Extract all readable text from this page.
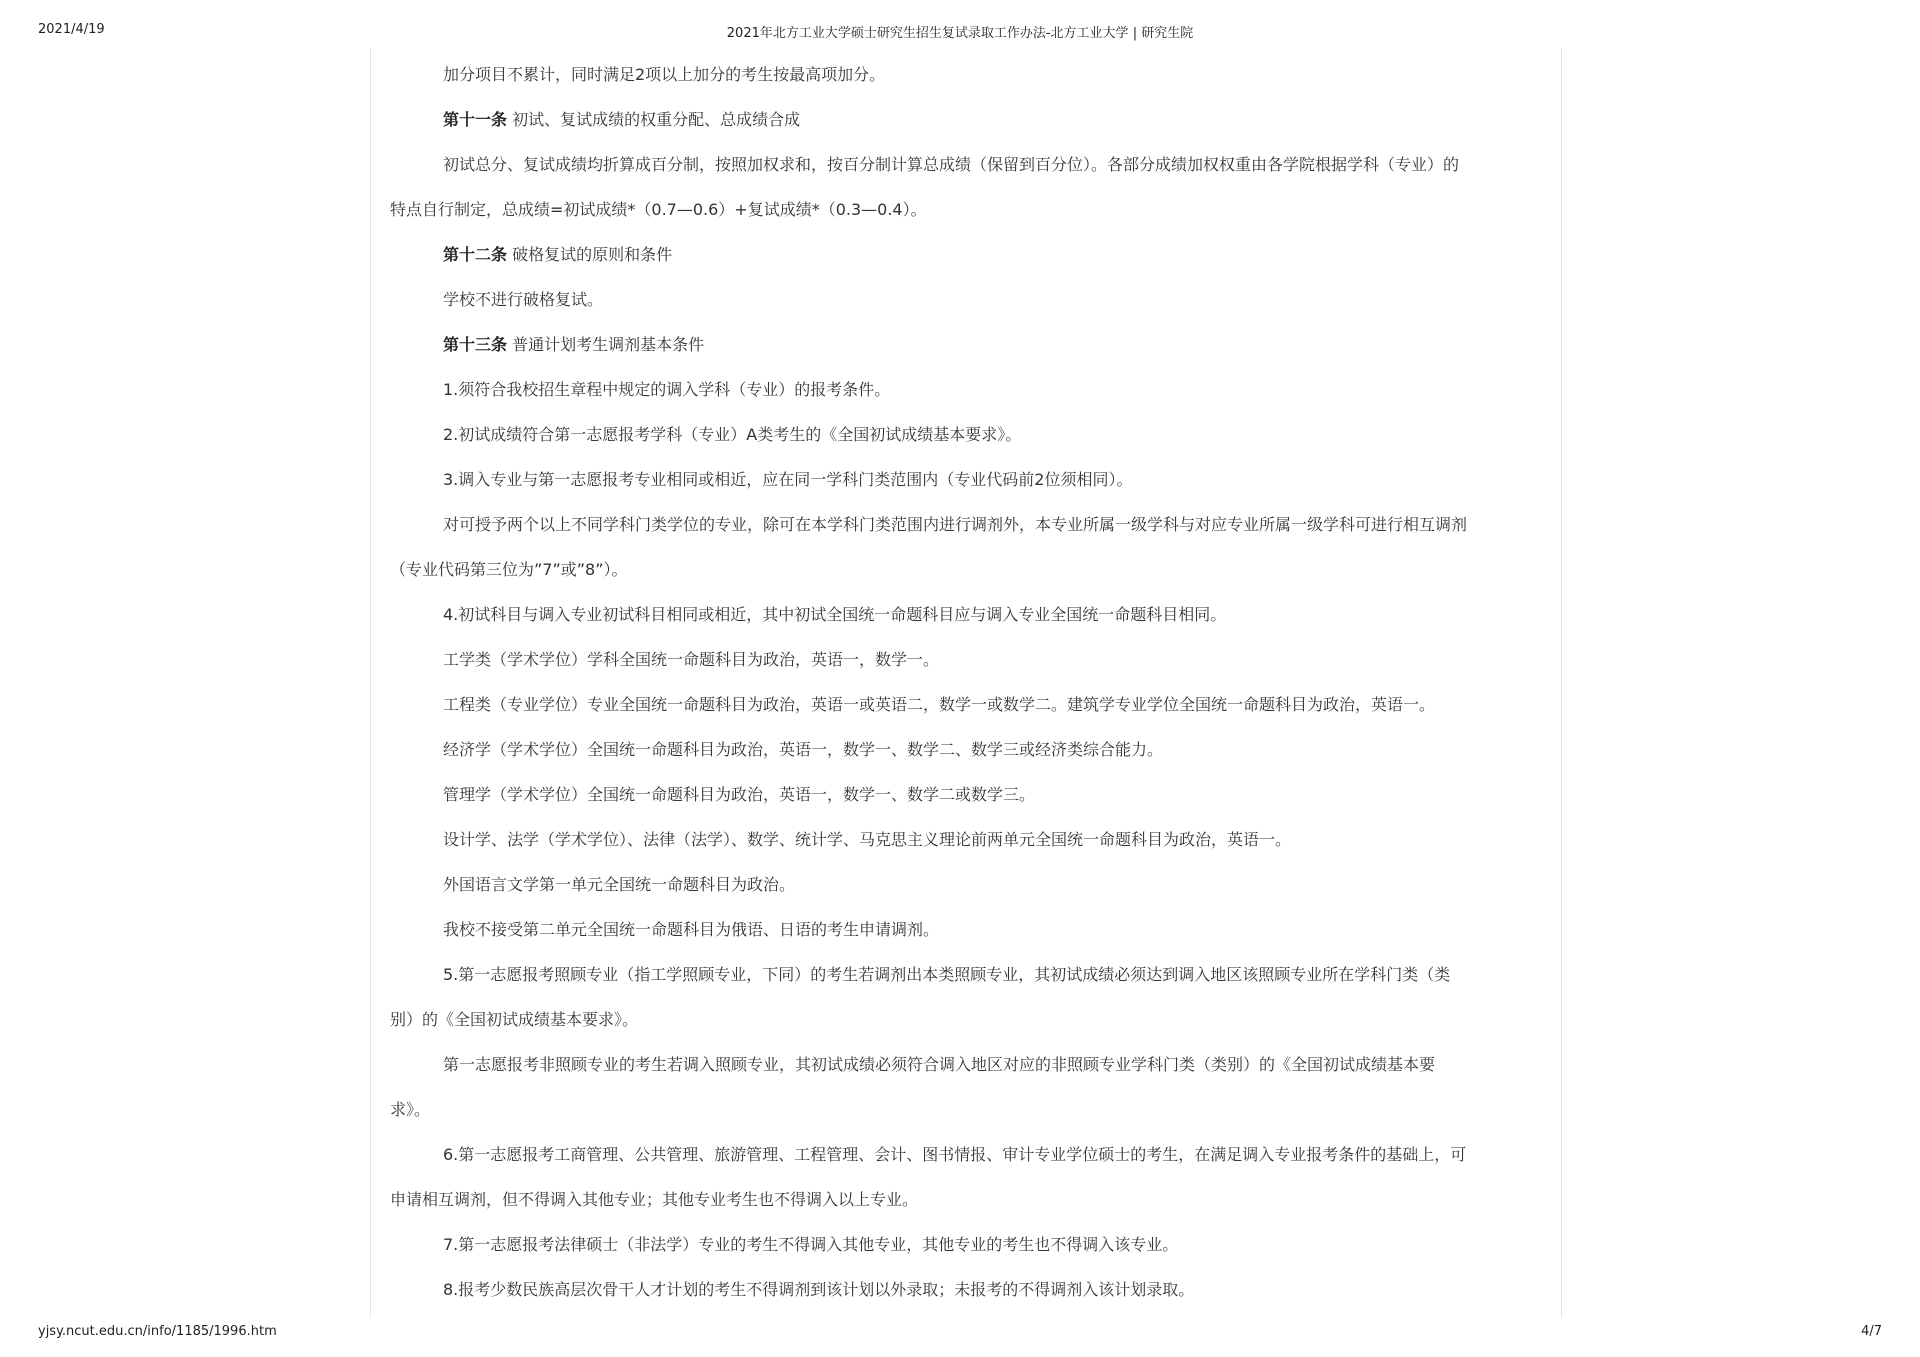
2021/4/19	2021年北方工业大学硕士研究生招生复试录取工作办法-北方工业大学 | 研究生院

加分项目不累计，同时满足2项以上加分的考生按最高项加分。

第十一条 初试、复试成绩的权重分配、总成绩合成

初试总分、复试成绩均折算成百分制，按照加权求和，按百分制计算总成绩（保留到百分位）。各部分成绩加权权重由各学院根据学科（专业）的

特点自行制定，总成绩=初试成绩*（0.7—0.6）+复试成绩*（0.3—0.4）。

第十二条 破格复试的原则和条件

学校不进行破格复试。

第十三条 普通计划考生调剂基本条件

1.须符合我校招生章程中规定的调入学科（专业）的报考条件。

2.初试成绩符合第一志愿报考学科（专业）A类考生的《全国初试成绩基本要求》。

3.调入专业与第一志愿报考专业相同或相近，应在同一学科门类范围内（专业代码前2位须相同）。

对可授予两个以上不同学科门类学位的专业，除可在本学科门类范围内进行调剂外，本专业所属一级学科与对应专业所属一级学科可进行相互调剂

（专业代码第三位为”7”或”8”）。

4.初试科目与调入专业初试科目相同或相近，其中初试全国统一命题科目应与调入专业全国统一命题科目相同。

工学类（学术学位）学科全国统一命题科目为政治，英语一，数学一。

工程类（专业学位）专业全国统一命题科目为政治，英语一或英语二，数学一或数学二。建筑学专业学位全国统一命题科目为政治，英语一。

经济学（学术学位）全国统一命题科目为政治，英语一，数学一、数学二、数学三或经济类综合能力。

管理学（学术学位）全国统一命题科目为政治，英语一，数学一、数学二或数学三。

设计学、法学（学术学位）、法律（法学）、数学、统计学、马克思主义理论前两单元全国统一命题科目为政治，英语一。

外国语言文学第一单元全国统一命题科目为政治。

我校不接受第二单元全国统一命题科目为俄语、日语的考生申请调剂。

5.第一志愿报考照顾专业（指工学照顾专业，下同）的考生若调剂出本类照顾专业，其初试成绩必须达到调入地区该照顾专业所在学科门类（类

别）的《全国初试成绩基本要求》。

第一志愿报考非照顾专业的考生若调入照顾专业，其初试成绩必须符合调入地区对应的非照顾专业学科门类（类别）的《全国初试成绩基本要

求》。

6.第一志愿报考工商管理、公共管理、旅游管理、工程管理、会计、图书情报、审计专业学位硕士的考生，在满足调入专业报考条件的基础上，可

申请相互调剂，但不得调入其他专业；其他专业考生也不得调入以上专业。

7.第一志愿报考法律硕士（非法学）专业的考生不得调入其他专业，其他专业的考生也不得调入该专业。

8.报考少数民族高层次骨干人才计划的考生不得调剂到该计划以外录取；未报考的不得调剂入该计划录取。

yjsy.ncut.edu.cn/info/1185/1996.htm	4/7
